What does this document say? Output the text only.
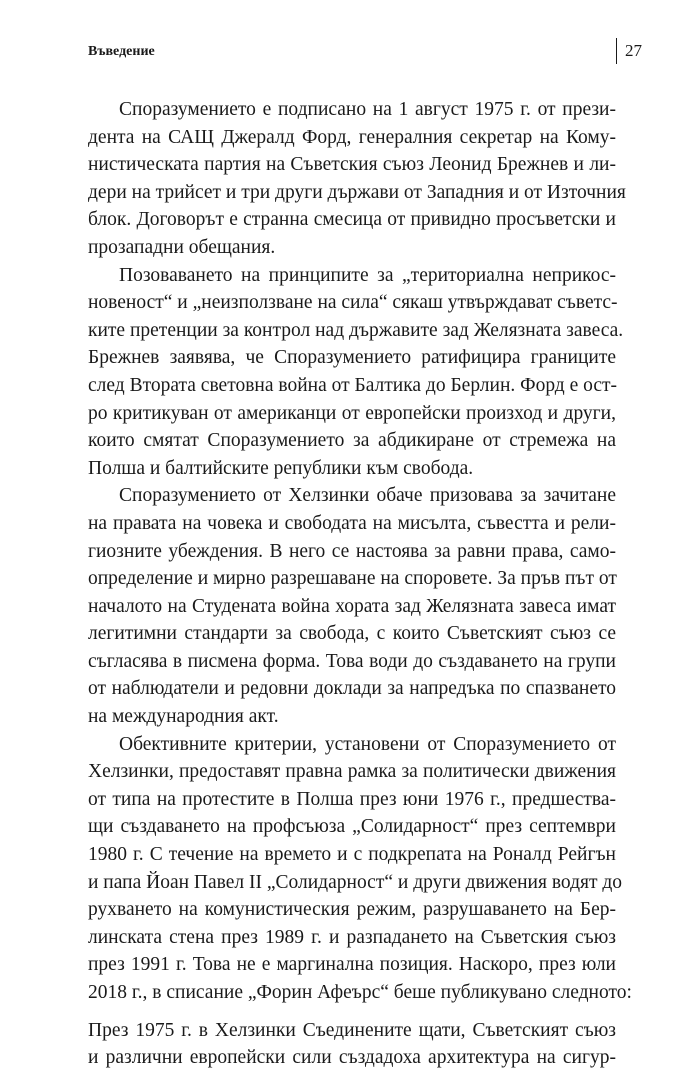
Въведение	27

Споразумението е подписано на 1 август 1975 г. от прези-
дента на САЩ Джералд Форд, генералния секретар на Кому-
нистическата партия на Съветския съюз Леонид Брежнев и ли-
дери на трийсет и три други държави от Западния и от Източния
блок. Договорът е странна смесица от привидно просъветски и
прозападни обещания.

Позоваването на принципите за „териториална неприкос-
новеност“ и „неизползване на сила“ сякаш утвърждават съветс-
ките претенции за контрол над държавите зад Желязната завеса.
Брежнев заявява, че Споразумението ратифицира границите
след Втората световна война от Балтика до Берлин. Форд е ост-
ро критикуван от американци от европейски произход и други,
които смятат Споразумението за абдикиране от стремежа на
Полша и балтийските републики към свобода.

Споразумението от Хелзинки обаче призовава за зачитане
на правата на човека и свободата на мисълта, съвестта и рели-
гиозните убеждения. В него се настоява за равни права, само-
определение и мирно разрешаване на споровете. За пръв път от
началото на Студената война хората зад Желязната завеса имат
легитимни стандарти за свобода, с които Съветският съюз се
съгласява в писмена форма. Това води до създаването на групи
от наблюдатели и редовни доклади за напредъка по спазването
на международния акт.

Обективните критерии, установени от Споразумението от
Хелзинки, предоставят правна рамка за политически движения
от типа на протестите в Полша през юни 1976 г., предшества-
щи създаването на профсъюза „Солидарност“ през септември
1980 г. С течение на времето и с подкрепата на Роналд Рейгън
и папа Йоан Павел II „Солидарност“ и други движения водят до
рухването на комунистическия режим, разрушаването на Бер-
линската стена през 1989 г. и разпадането на Съветския съюз
през 1991 г. Това не е маргинална позиция. Наскоро, през юли
2018 г., в списание „Форин Афеърс“ беше публикувано следното:

През 1975 г. в Хелзинки Съединените щати, Съветският съюз
и различни европейски сили създадоха архитектура на сигур-
